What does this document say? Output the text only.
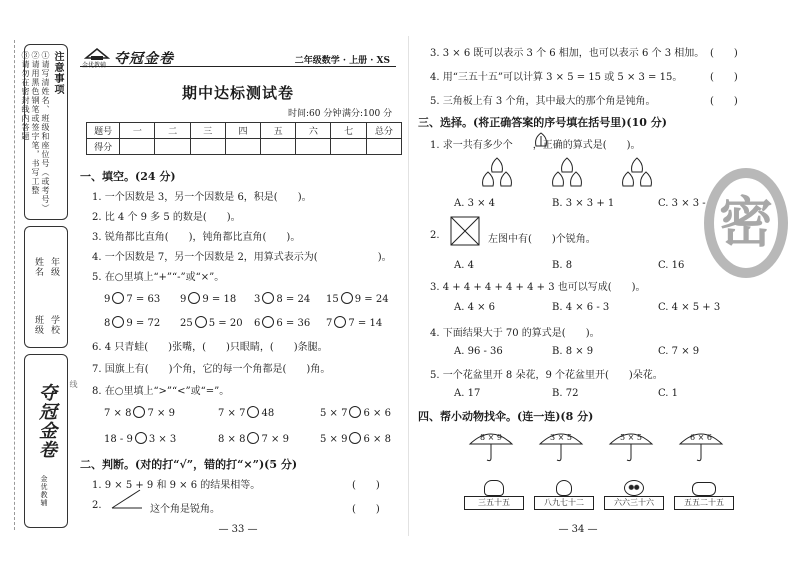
注意事项
①请写清姓名、班级和座位号（或考号）
②请用黑色钢笔或签字笔，书写工整
③请勿在密封线内答题
学校
年级
班级
姓名
夺冠金卷
金优教辅
线
金优教辅 夺冠金卷	二年级数学 · 上册 · XS
期中达标测试卷
时间:60 分钟 满分:100 分
题号	一	二	三	四	五	六	七	总分
得分								
一、填空。(24 分)
1. 一个因数是 3，另一个因数是 6，积是(　　)。
2. 比 4 个 9 多 5 的数是(　　)。
3. 锐角都比直角(　　)，钝角都比直角(　　)。
4. 一个因数是 7，另一个因数是 2，用算式表示为(　　　　　　)。
5. 在○里填上“+”“-”或“×”。
9 7 = 63 9 9 = 18 3 8 = 24 15 9 = 24
8 9 = 72 25 5 = 20 6 6 = 36 7 7 = 14
6. 4 只青蛙(　　)张嘴，(　　)只眼睛，(　　)条腿。
7. 国旗上有(　　)个角，它的每一个角都是(　　)角。
8. 在○里填上“>”“<”或“=”。
7 × 8 7 × 9	7 × 7 48	5 × 7 6 × 6
18 - 9 3 × 3	8 × 8 7 × 9	5 × 9 6 × 8
二、判断。(对的打“√”，错的打“×”)(5 分)
1. 9 × 5 + 9 和 9 × 6 的结果相等。	(　　)
2.	这个角是锐角。	(　　)
— 33 —
3. 3 × 6 既可以表示 3 个 6 相加，也可以表示 6 个 3 相加。 (　　)
4. 用“三五十五”可以计算 3 × 5 = 15 或 5 × 3 = 15。	(　　)
5. 三角板上有 3 个角，其中最大的那个角是钝角。	(　　)
三、选择。(将正确答案的序号填在括号里)(10 分)
1. 求一共有多少个 ，正确的算式是(　　)。
A. 3 × 4	B. 3 × 3 + 1	C. 3 × 3 - 1
2.	左图中有(　　)个锐角。
A. 4	B. 8	C. 16
3. 4 + 4 + 4 + 4 + 4 + 3 也可以写成(　　)。
A. 4 × 6	B. 4 × 6 - 3	C. 4 × 5 + 3
4. 下面结果大于 70 的算式是(　　)。
A. 96 - 36	B. 8 × 9	C. 7 × 9
5. 一个花盆里开 8 朵花，9 个花盆里开(　　)朵花。
A. 17	B. 72	C. 1
四、帮小动物找伞。(连一连)(8 分)
8 × 9	3 × 5	5 × 5	6 × 6
三五十五	八九七十二	六六三十六	五五二十五
— 34 —
密
